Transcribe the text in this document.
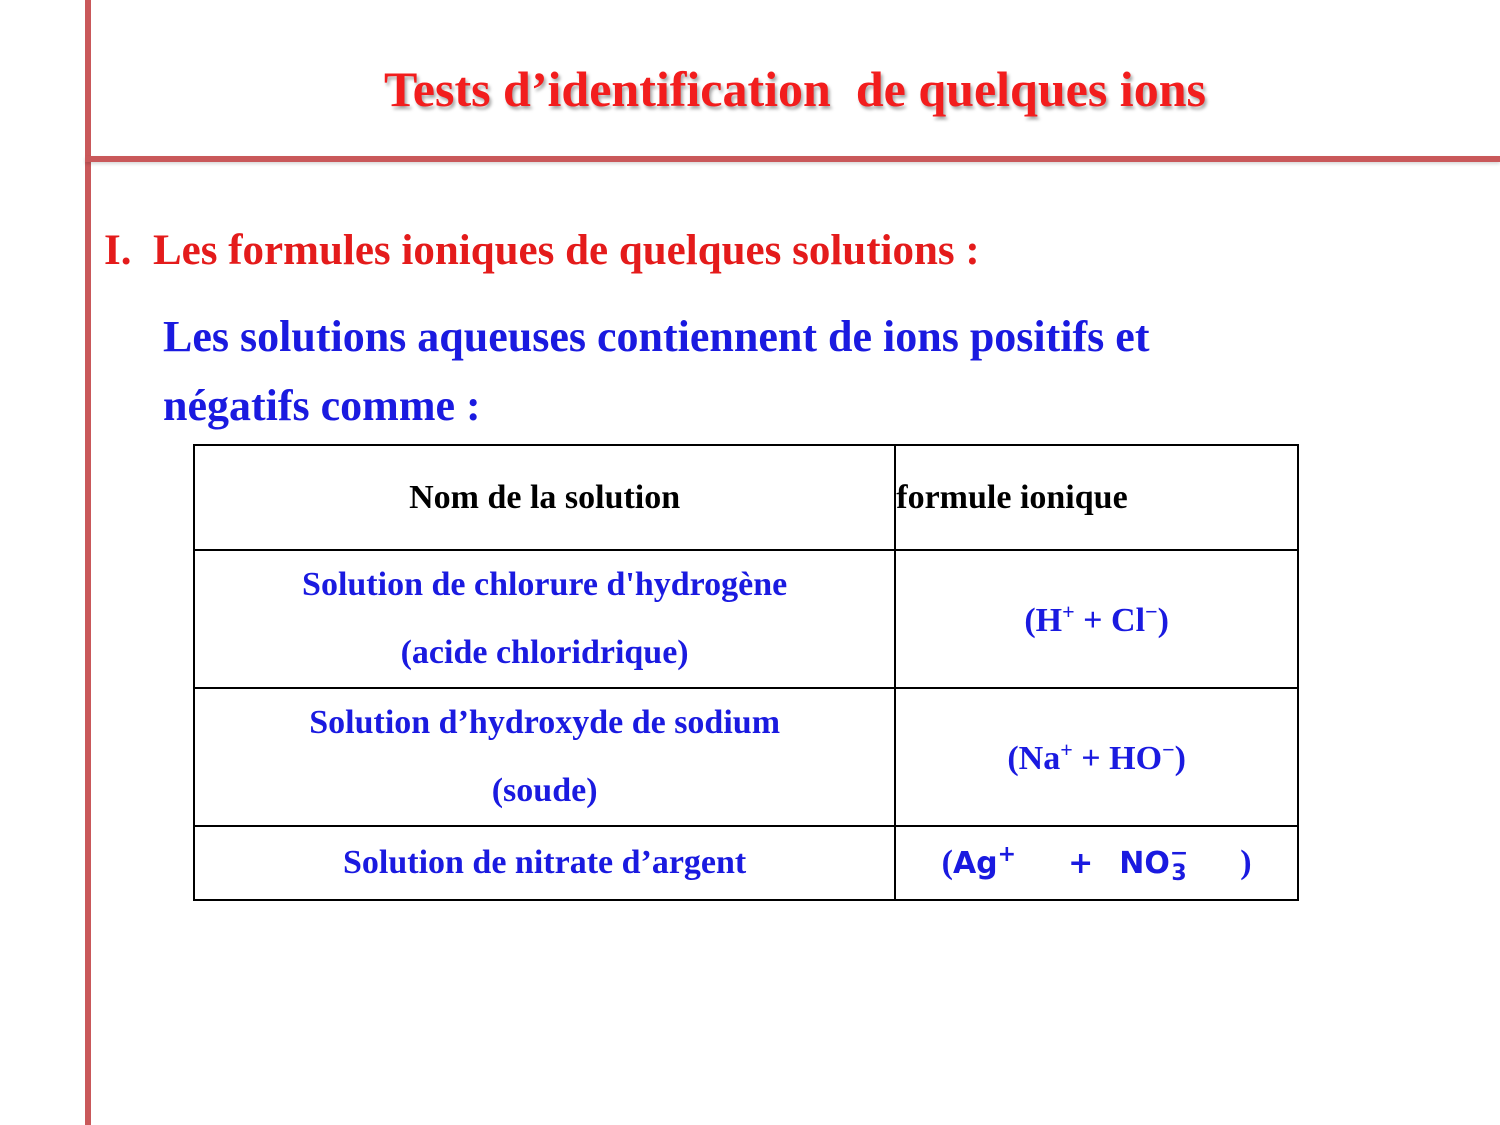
Tests d’identification  de quelques ions
I. Les formules ioniques de quelques solutions :
Les solutions aqueuses contiennent de ions positifs et
négatifs comme :
Nom de la solution	formule ionique

Solution de chlorure d'hydrogène
(acide chloridrique)	(H+ + Cl−)

Solution d’hydroxyde de sodium
(soude)	(Na+ + HO−)

Solution de nitrate d’argent	(Ag+ + NO −
3 )
